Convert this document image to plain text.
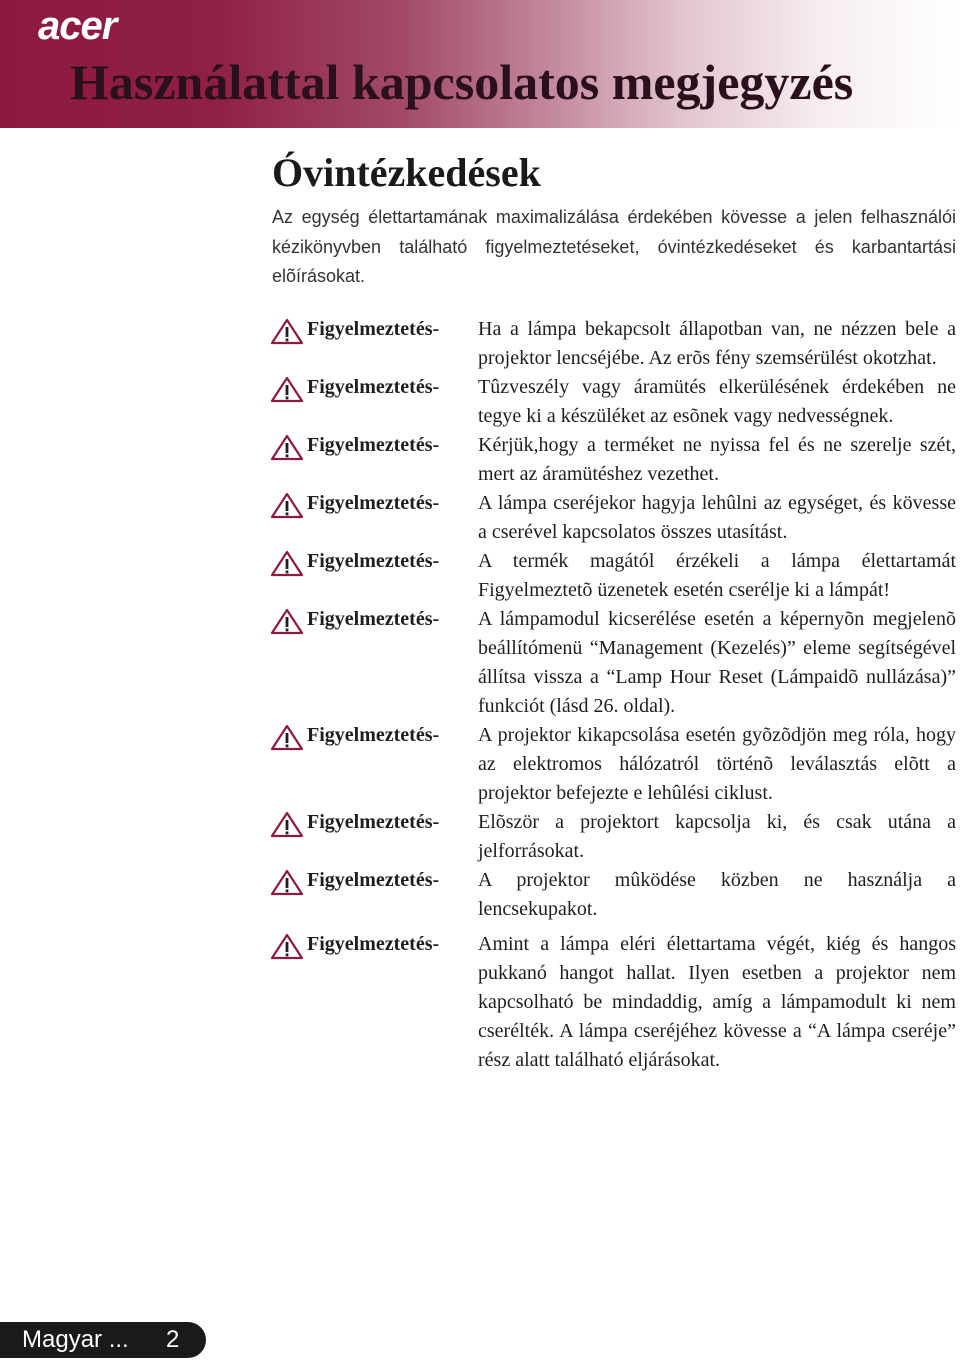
acer
Használattal kapcsolatos megjegyzés
Óvintézkedések

Az egység élettartamának maximalizálása érdekében kövesse a jelen felhasználói kézikönyvben található figyelmeztetéseket, óvintézkedéseket és karbantartási elõírásokat.

Figyelmeztetés- Ha a lámpa bekapcsolt állapotban van, ne nézzen bele a projektor lencséjébe. Az erõs fény szemsérülést okotzhat.
Figyelmeztetés- Tûzveszély vagy áramütés elkerülésének érdekében ne tegye ki a készüléket az esõnek vagy nedvességnek.
Figyelmeztetés- Kérjük,hogy a terméket ne nyissa fel és ne szerelje szét, mert az áramütéshez vezethet.
Figyelmeztetés- A lámpa cseréjekor hagyja lehûlni az egységet, és kövesse a cserével kapcsolatos összes utasítást.
Figyelmeztetés- A termék magától érzékeli a lámpa élettartamát Figyelmeztetõ üzenetek esetén cserélje ki a lámpát!
Figyelmeztetés- A lámpamodul kicserélése esetén a képernyõn megjelenõ beállítómenü “Management (Kezelés)” eleme segítségével állítsa vissza a “Lamp Hour Reset (Lámpaidõ nullázása)” funkciót (lásd 26. oldal).
Figyelmeztetés- A projektor kikapcsolása esetén gyõzõdjön meg róla, hogy az elektromos hálózatról történõ leválasztás elõtt a projektor befejezte e lehûlési ciklust.
Figyelmeztetés- Elõször a projektort kapcsolja ki, és csak utána a jelforrásokat.
Figyelmeztetés- A projektor mûködése közben ne használja a lencsekupakot.
Figyelmeztetés- Amint a lámpa eléri élettartama végét, kiég és hangos pukkanó hangot hallat. Ilyen esetben a projektor nem kapcsolható be mindaddig, amíg a lámpamodult ki nem cserélték. A lámpa cseréjéhez kövesse a “A lámpa cseréje” rész alatt található eljárásokat.
Magyar ... 2
